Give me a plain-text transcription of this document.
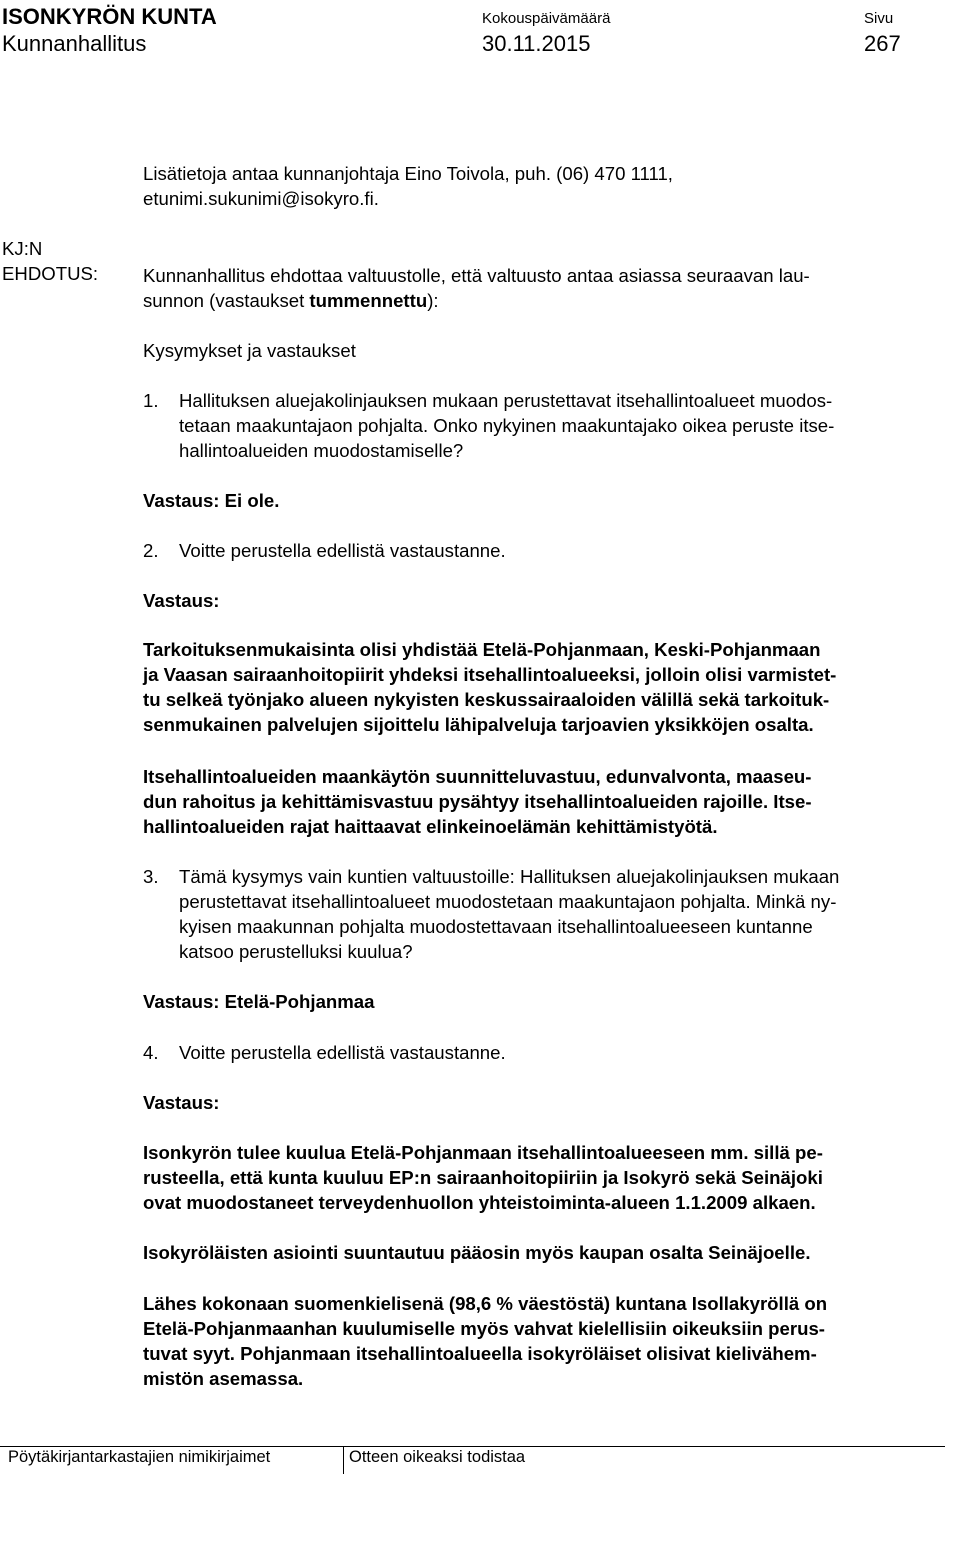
ISONKYRÖN KUNTA
Kunnanhallitus
Kokouspäivämäärä
30.11.2015
Sivu
267
Lisätietoja antaa kunnanjohtaja Eino Toivola, puh. (06) 470 1111,
etunimi.sukunimi@isokyro.fi.
KJ:N
EHDOTUS: Kunnanhallitus ehdottaa valtuustolle, että valtuusto antaa asiassa seuraavan lau-
sunnon (vastaukset tummennettu):
Kysymykset ja vastaukset
1. Hallituksen aluejakolinjauksen mukaan perustettavat itsehallintoalueet muodos-
tetaan maakuntajaon pohjalta. Onko nykyinen maakuntajako oikea peruste itse-
hallintoalueiden muodostamiselle?
Vastaus: Ei ole.
2. Voitte perustella edellistä vastaustanne.
Vastaus:
Tarkoituksenmukaisinta olisi yhdistää Etelä-Pohjanmaan, Keski-Pohjanmaan
ja Vaasan sairaanhoitopiirit yhdeksi itsehallintoalueeksi, jolloin olisi varmistet-
tu selkeä työnjako alueen nykyisten keskussairaaloiden välillä sekä tarkoituk-
senmukainen palvelujen sijoittelu lähipalveluja tarjoavien yksikköjen osalta.
Itsehallintoalueiden maankäytön suunnitteluvastuu, edunvalvonta, maaseu-
dun rahoitus ja kehittämisvastuu pysähtyy itsehallintoalueiden rajoille. Itse-
hallintoalueiden rajat haittaavat elinkeinoelämän kehittämistyötä.
3. Tämä kysymys vain kuntien valtuustoille: Hallituksen aluejakolinjauksen mukaan
perustettavat itsehallintoalueet muodostetaan maakuntajaon pohjalta. Minkä ny-
kyisen maakunnan pohjalta muodostettavaan itsehallintoalueeseen kuntanne
katsoo perustelluksi kuulua?
Vastaus: Etelä-Pohjanmaa
4. Voitte perustella edellistä vastaustanne.
Vastaus:
Isonkyrön tulee kuulua Etelä-Pohjanmaan itsehallintoalueeseen mm. sillä pe-
rusteella, että kunta kuuluu EP:n sairaanhoitopiiriin ja Isokyrö sekä Seinäjoki
ovat muodostaneet terveydenhuollon yhteistoiminta-alueen 1.1.2009 alkaen.
Isokyröläisten asiointi suuntautuu pääosin myös kaupan osalta Seinäjoelle.
Lähes kokonaan suomenkielisenä (98,6 % väestöstä) kuntana Isollakyröllä on
Etelä-Pohjanmaanhan kuulumiselle myös vahvat kielellisiin oikeuksiin perus-
tuvat syyt. Pohjanmaan itsehallintoalueella isokyröläiset olisivat kielivähem-
mistön asemassa.
Pöytäkirjantarkastajien nimikirjaimet	Otteen oikeaksi todistaa
